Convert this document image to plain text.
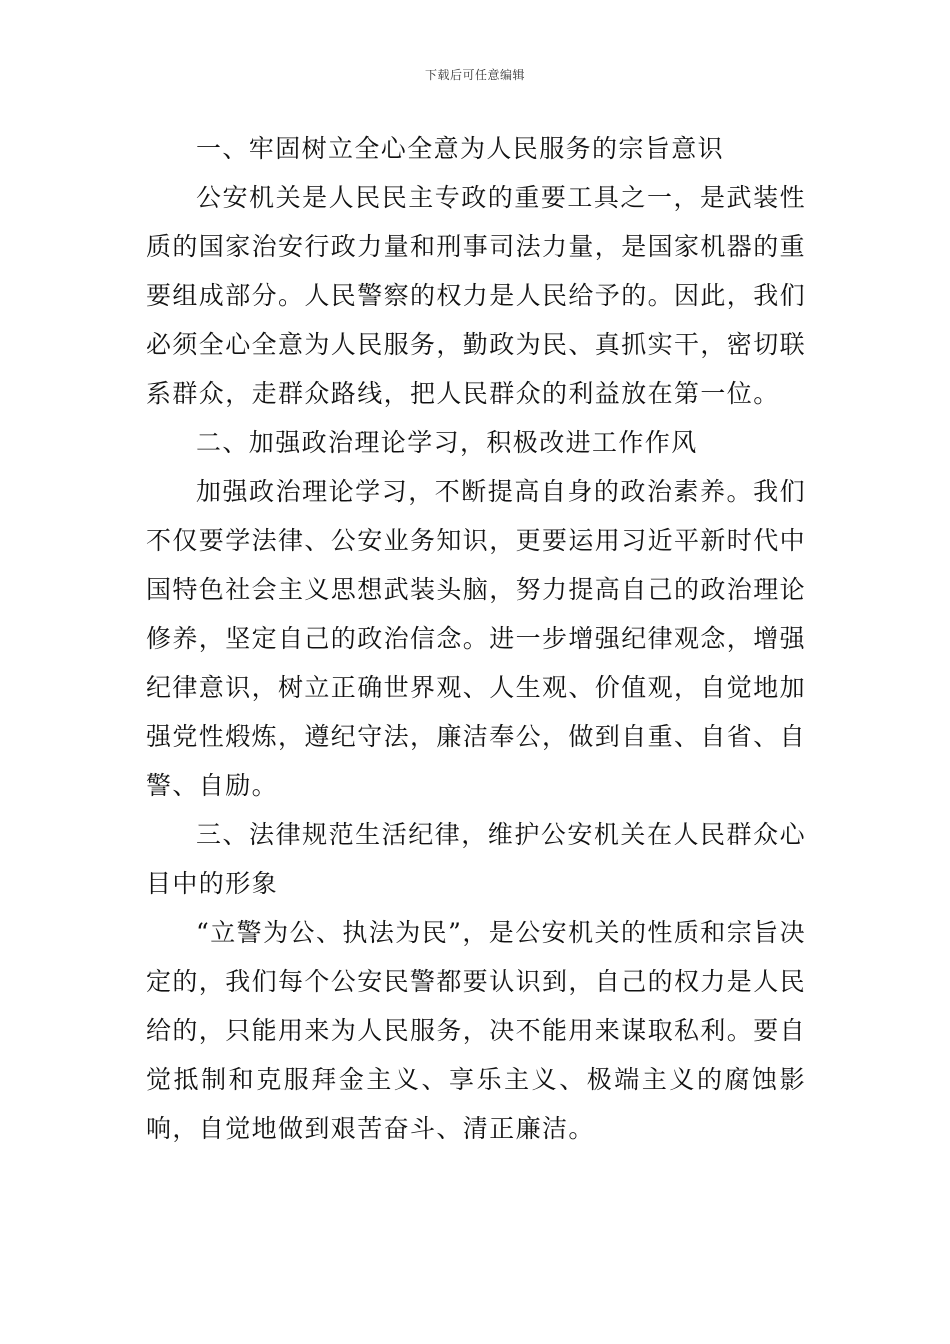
下载后可任意编辑

一、牢固树立全心全意为人民服务的宗旨意识

公安机关是人民民主专政的重要工具之一，是武装性质的国家治安行政力量和刑事司法力量，是国家机器的重要组成部分。人民警察的权力是人民给予的。因此，我们必须全心全意为人民服务，勤政为民、真抓实干，密切联系群众，走群众路线，把人民群众的利益放在第一位。

二、加强政治理论学习，积极改进工作作风

加强政治理论学习，不断提高自身的政治素养。我们不仅要学法律、公安业务知识，更要运用习近平新时代中国特色社会主义思想武装头脑，努力提高自己的政治理论修养，坚定自己的政治信念。进一步增强纪律观念，增强纪律意识，树立正确世界观、人生观、价值观，自觉地加强党性煅炼，遵纪守法，廉洁奉公，做到自重、自省、自警、自励。

三、法律规范生活纪律，维护公安机关在人民群众心目中的形象

“立警为公、执法为民”，是公安机关的性质和宗旨决定的，我们每个公安民警都要认识到，自己的权力是人民给的，只能用来为人民服务，决不能用来谋取私利。要自觉抵制和克服拜金主义、享乐主义、极端主义的腐蚀影响，自觉地做到艰苦奋斗、清正廉洁。
